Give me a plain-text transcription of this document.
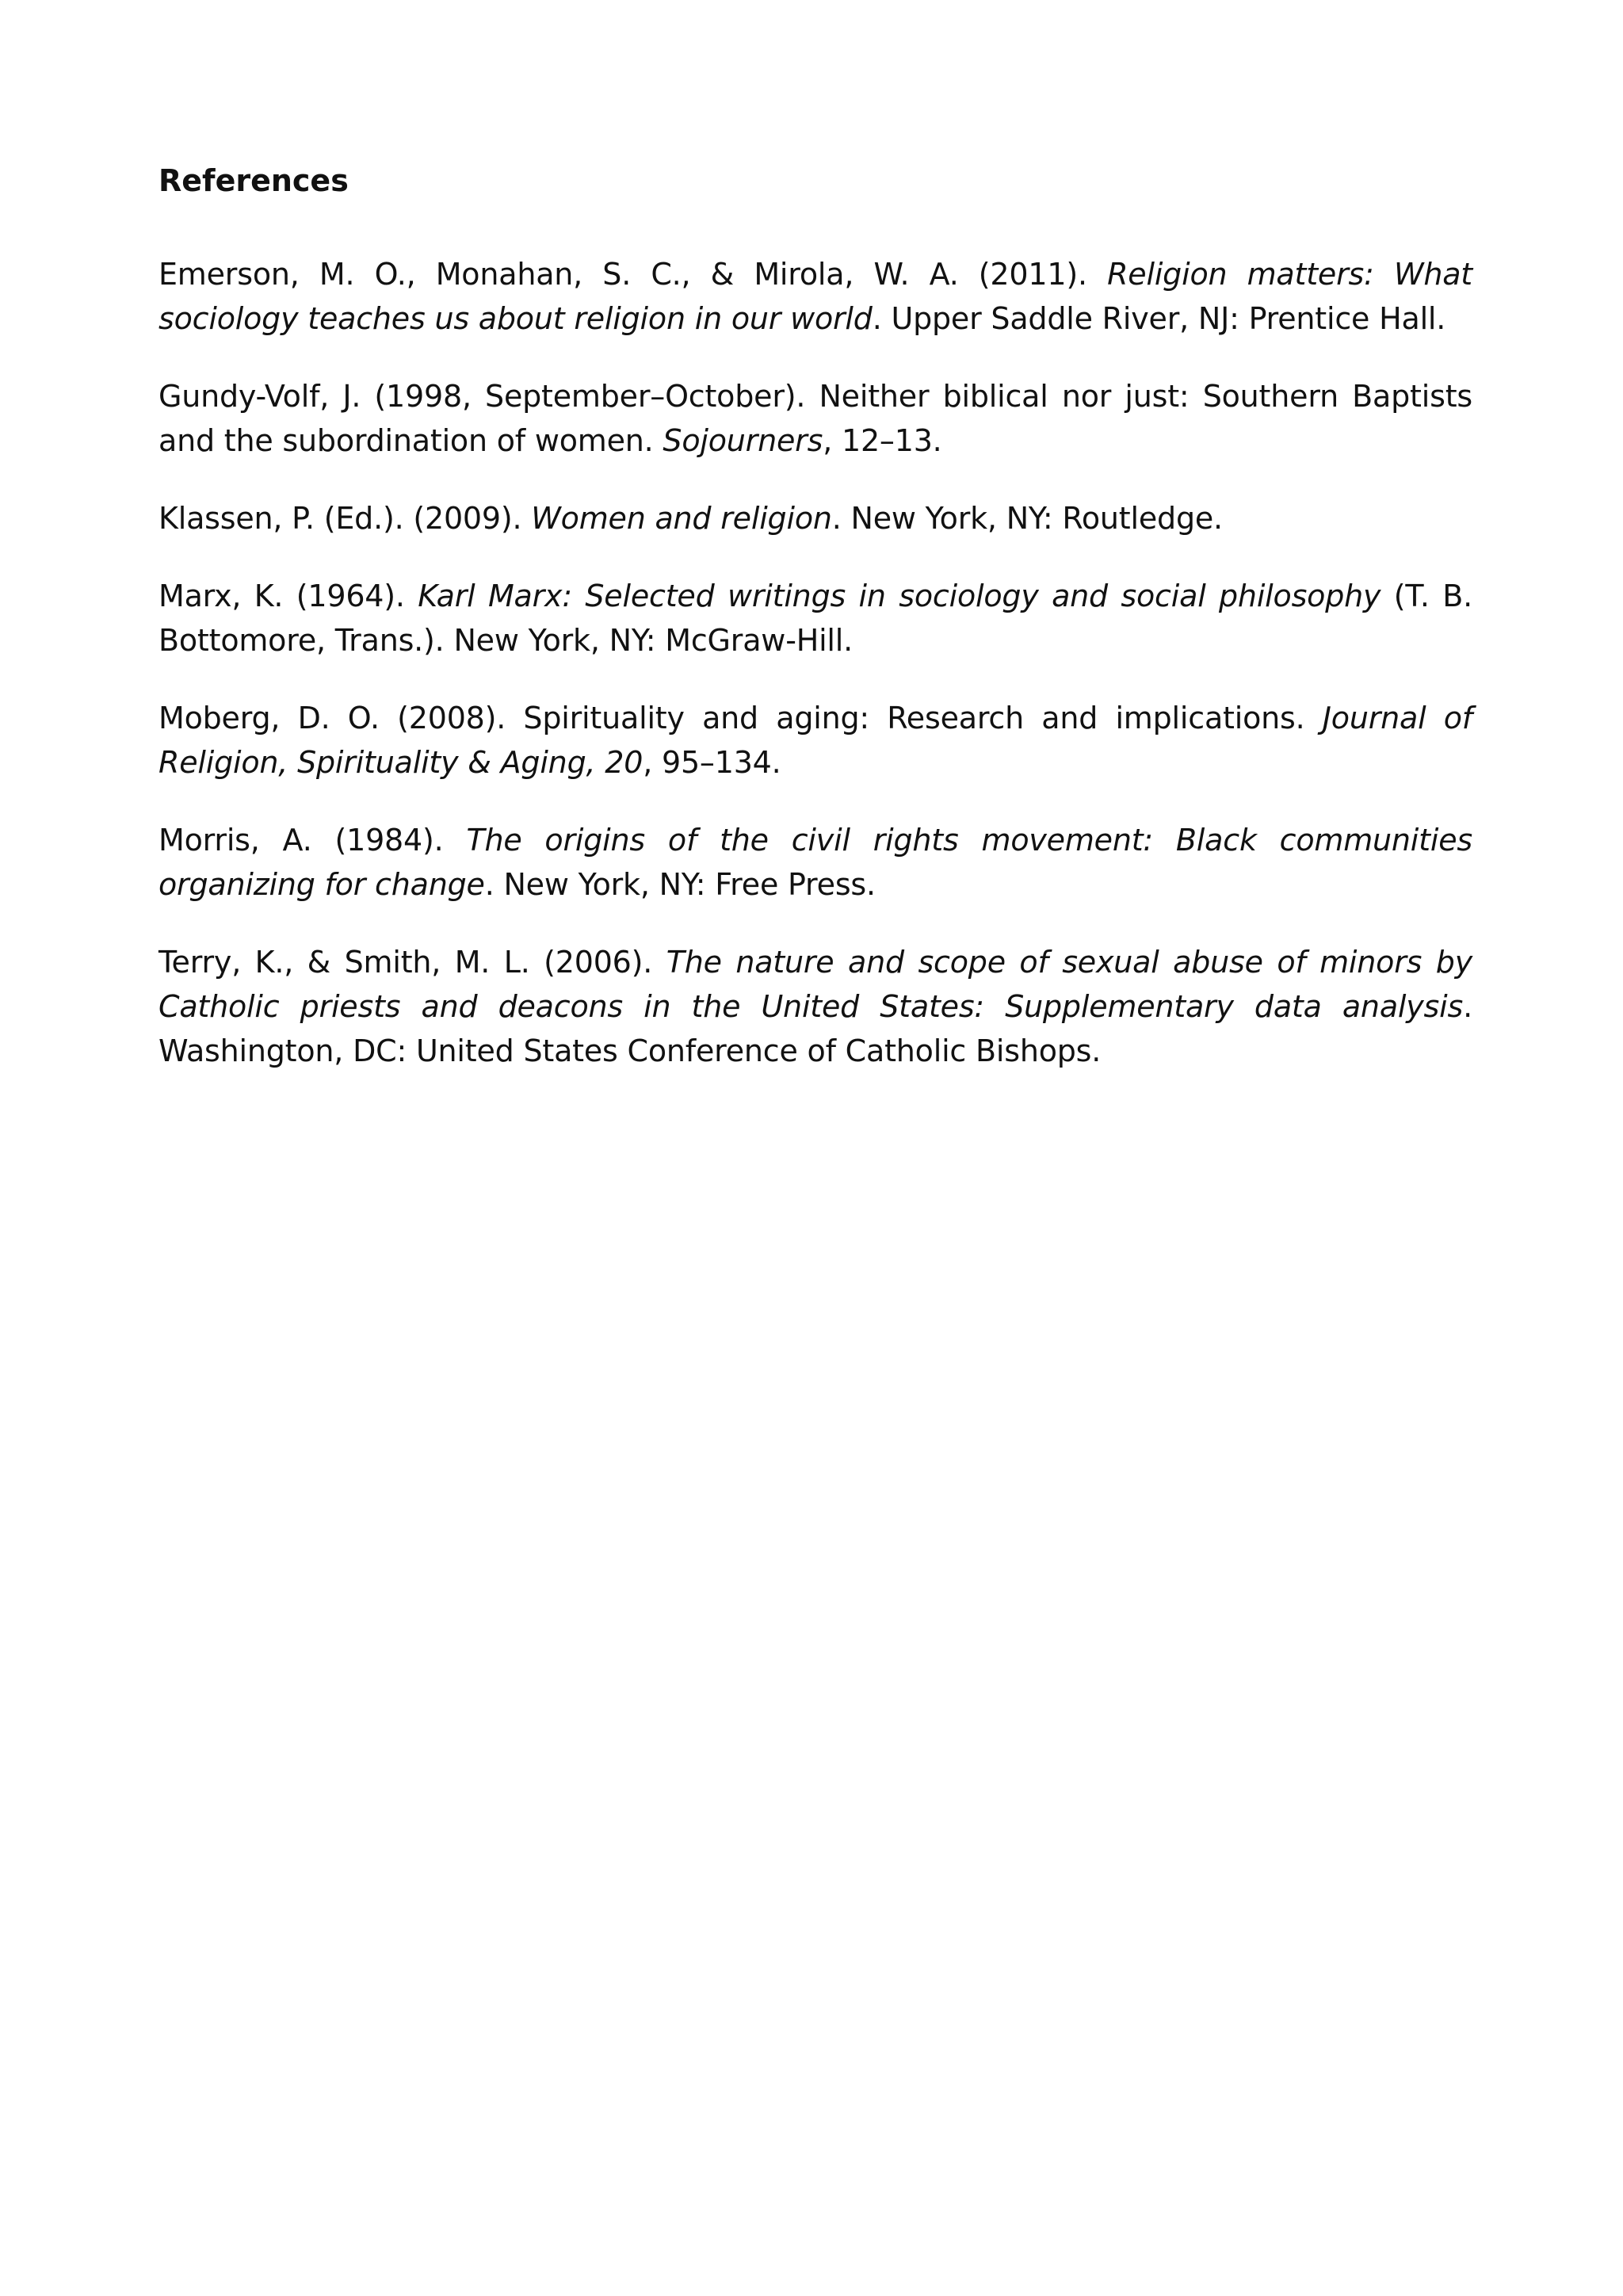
References
Emerson, M. O., Monahan, S. C., & Mirola, W. A. (2011). Religion matters: What sociology teaches us about religion in our world. Upper Saddle River, NJ: Prentice Hall.
Gundy-Volf, J. (1998, September–October). Neither biblical nor just: Southern Baptists and the subordination of women. Sojourners, 12–13.
Klassen, P. (Ed.). (2009). Women and religion. New York, NY: Routledge.
Marx, K. (1964). Karl Marx: Selected writings in sociology and social philosophy (T. B. Bottomore, Trans.). New York, NY: McGraw-Hill.
Moberg, D. O. (2008). Spirituality and aging: Research and implications. Journal of Religion, Spirituality & Aging, 20, 95–134.
Morris, A. (1984). The origins of the civil rights movement: Black communities organizing for change. New York, NY: Free Press.
Terry, K., & Smith, M. L. (2006). The nature and scope of sexual abuse of minors by Catholic priests and deacons in the United States: Supplementary data analysis. Washington, DC: United States Conference of Catholic Bishops.
